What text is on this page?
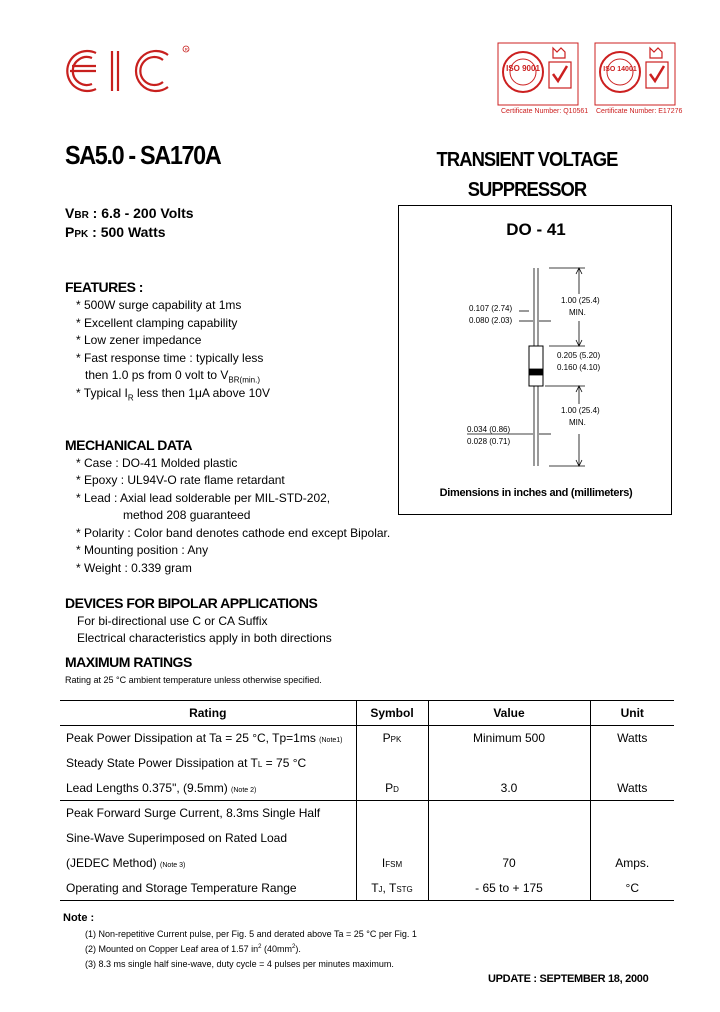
R
ISO 9001
Certificate Number: Q10561
ISO 14001
Certificate Number: E17276
SA5.0 - SA170A	TRANSIENT VOLTAGE
SUPPRESSOR
VBR : 6.8 - 200 Volts
PPK : 500 Watts
FEATURES :
* 500W surge capability at 1ms
* Excellent clamping capability
* Low zener impedance
* Fast response time : typically less
then 1.0 ps from 0 volt to $V_{BR(min.)}$
* Typical $I_R$ less then 1μA above 10V
MECHANICAL DATA
* Case : DO-41 Molded plastic
* Epoxy : UL94V-O rate flame retardant
* Lead : Axial lead solderable per MIL-STD-202,
method 208 guaranteed
* Polarity : Color band denotes cathode end except Bipolar.
* Mounting position : Any
* Weight : 0.339 gram
DEVICES FOR BIPOLAR APPLICATIONS
For bi-directional use C or CA Suffix
Electrical characteristics apply in both directions
MAXIMUM RATINGS
Rating at 25 °C ambient temperature unless otherwise specified.
DO - 41
0.107 (2.74)
0.080 (2.03)
1.00 (25.4)
MIN.
0.205 (5.20)
0.160 (4.10)
1.00 (25.4)
MIN.
0.034 (0.86)
0.028 (0.71)
Dimensions in inches and (millimeters)
Rating	Symbol	Value	Unit
Peak Power Dissipation at Ta = 25 °C, Tp=1ms (Note1)	PPK	Minimum 500	Watts
Steady State Power Dissipation at TL = 75 °C			
Lead Lengths 0.375", (9.5mm) (Note 2)	PD	3.0	Watts
Peak Forward Surge Current, 8.3ms Single Half			
Sine-Wave Superimposed on Rated Load			
(JEDEC Method) (Note 3)	IFSM	70	Amps.
Operating and Storage Temperature Range	TJ, TSTG	- 65 to + 175	°C
Note :
(1) Non-repetitive Current pulse, per Fig. 5 and derated above Ta = 25 °C per Fig. 1
(2) Mounted on Copper Leaf area of 1.57 $in^2$ $(40mm^2)$.
(3) 8.3 ms single half sine-wave, duty cycle = 4 pulses per minutes maximum.
UPDATE : SEPTEMBER 18, 2000
